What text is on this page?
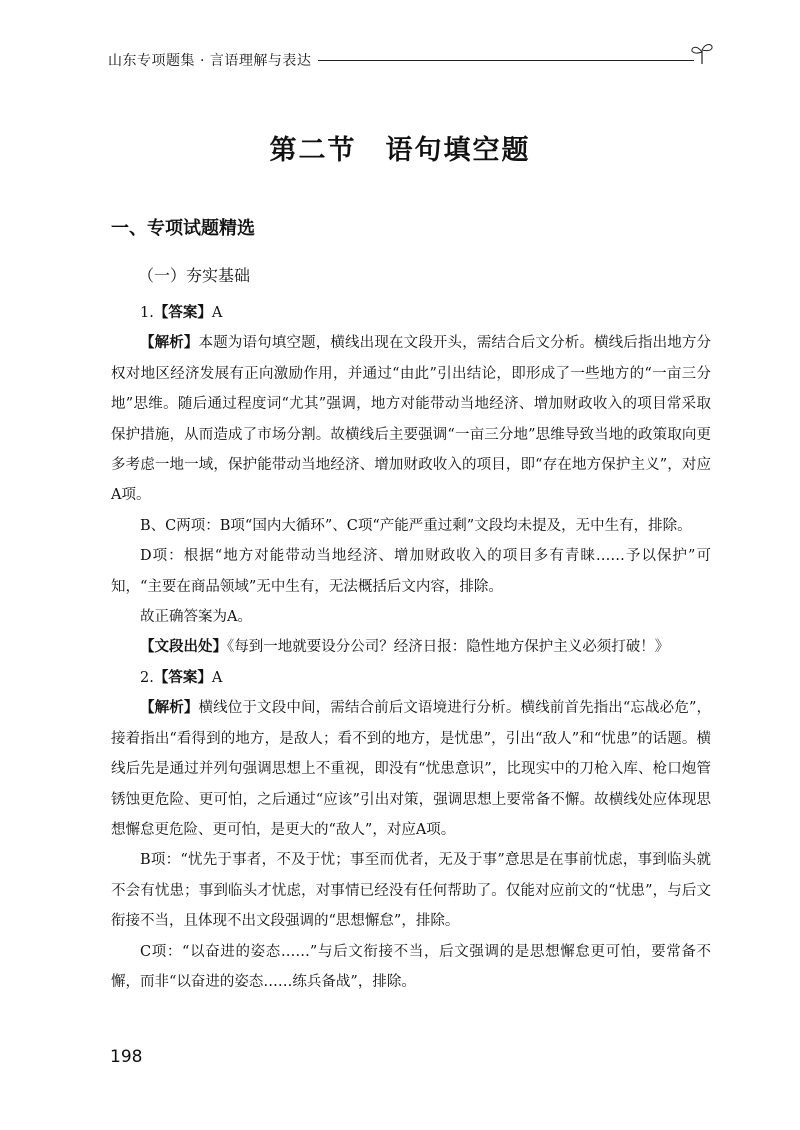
山东专项题集 · 言语理解与表达
第二节　语句填空题
一、专项试题精选
（一）夯实基础

1.【答案】A

【解析】本题为语句填空题，横线出现在文段开头，需结合后文分析。横线后指出地方分权对地区经济发展有正向激励作用，并通过“由此”引出结论，即形成了一些地方的“一亩三分地”思维。随后通过程度词“尤其”强调，地方对能带动当地经济、增加财政收入的项目常采取保护措施，从而造成了市场分割。故横线后主要强调“一亩三分地”思维导致当地的政策取向更多考虑一地一域，保护能带动当地经济、增加财政收入的项目，即“存在地方保护主义”，对应A项。

B、C两项：B项“国内大循环”、C项“产能严重过剩”文段均未提及，无中生有，排除。

D项：根据“地方对能带动当地经济、增加财政收入的项目多有青睐……予以保护”可知，“主要在商品领域”无中生有，无法概括后文内容，排除。

故正确答案为A。

【文段出处】《每到一地就要设分公司？经济日报：隐性地方保护主义必须打破！》

2.【答案】A

【解析】横线位于文段中间，需结合前后文语境进行分析。横线前首先指出“忘战必危”，接着指出“看得到的地方，是敌人；看不到的地方，是忧患”，引出“敌人”和“忧患”的话题。横线后先是通过并列句强调思想上不重视，即没有“忧患意识”，比现实中的刀枪入库、枪口炮管锈蚀更危险、更可怕，之后通过“应该”引出对策，强调思想上要常备不懈。故横线处应体现思想懈怠更危险、更可怕，是更大的“敌人”，对应A项。

B项：“忧先于事者，不及于忧；事至而优者，无及于事”意思是在事前忧虑，事到临头就不会有忧患；事到临头才忧虑，对事情已经没有任何帮助了。仅能对应前文的“忧患”，与后文衔接不当，且体现不出文段强调的“思想懈怠”，排除。

C项：“以奋进的姿态……”与后文衔接不当，后文强调的是思想懈怠更可怕，要常备不懈，而非“以奋进的姿态……练兵备战”，排除。

198
